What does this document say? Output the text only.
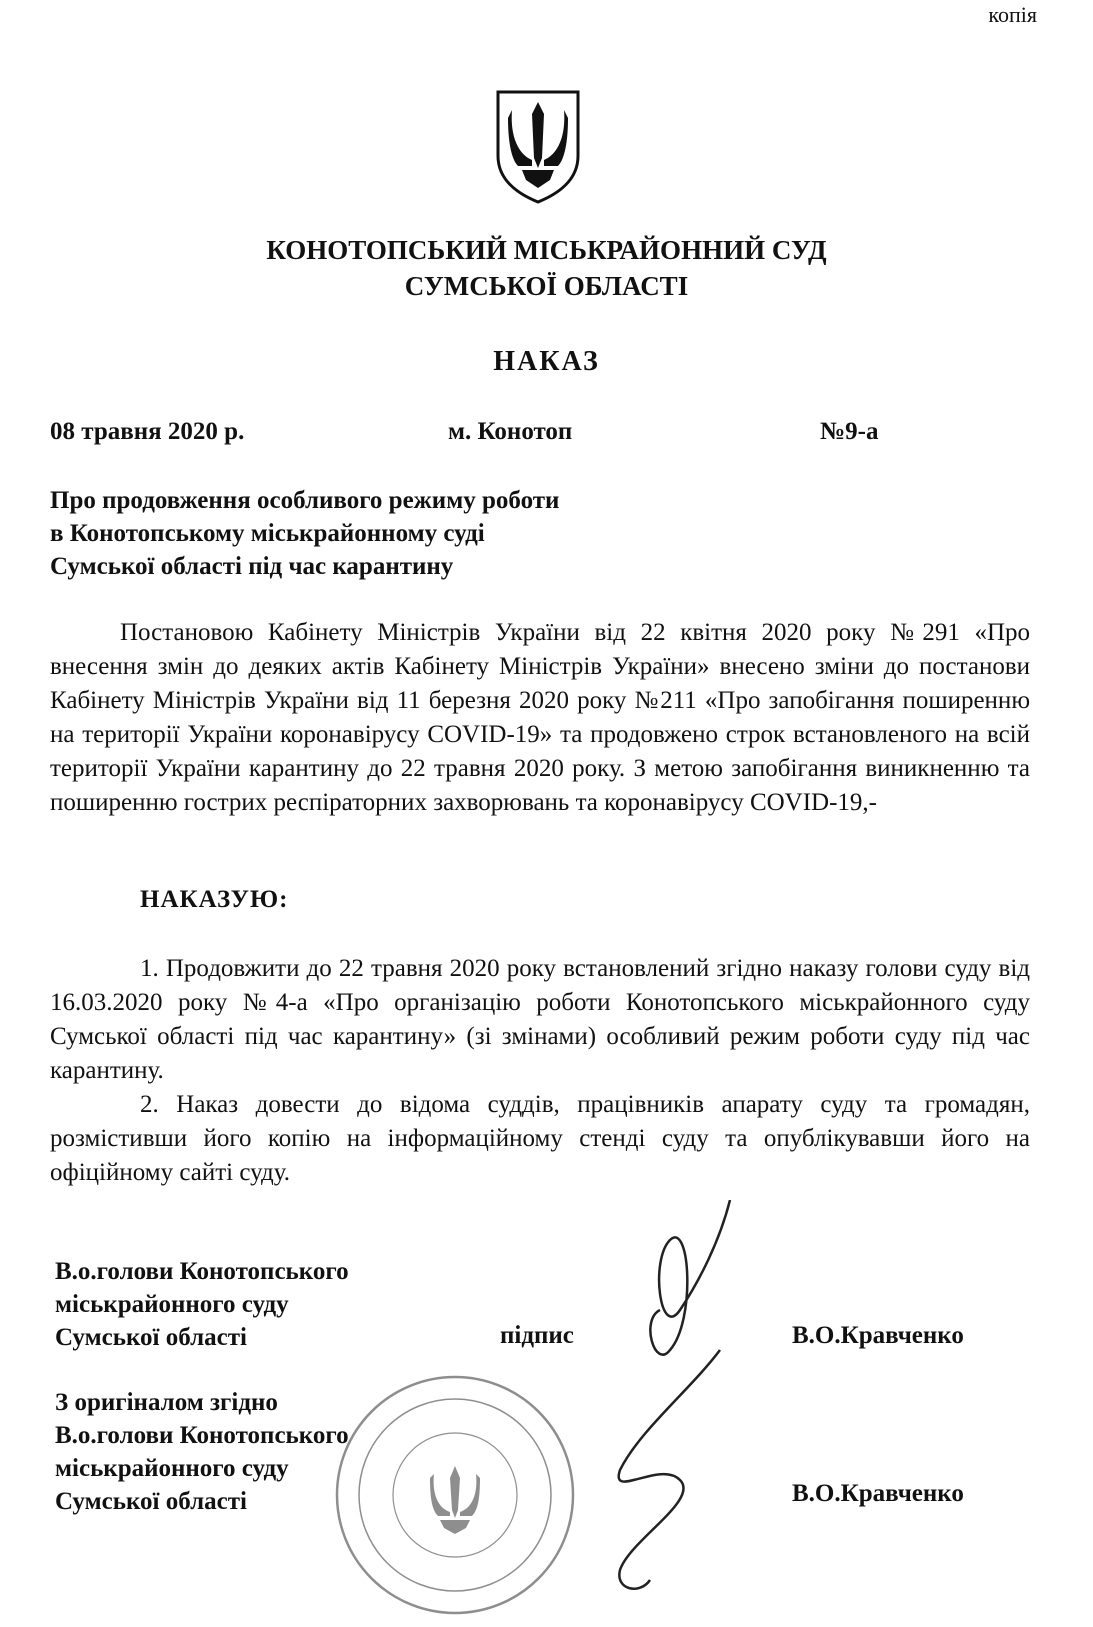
копія
КОНОТОПСЬКИЙ МІСЬКРАЙОННИЙ СУД
СУМСЬКОЇ ОБЛАСТІ
НАКАЗ
08 травня 2020 р.	м. Конотоп	№9-а
Про продовження особливого режиму роботи
в Конотопському міськрайонному суді
Сумської області під час карантину
Постановою Кабінету Міністрів України від 22 квітня 2020 року №291 «Про внесення змін до деяких актів Кабінету Міністрів України» внесено зміни до постанови Кабінету Міністрів України від 11 березня 2020 року №211 «Про запобігання поширенню на території України коронавірусу COVID-19» та продовжено строк встановленого на всій території України карантину до 22 травня 2020 року. З метою запобігання виникненню та поширенню гострих респіраторних захворювань та коронавірусу COVID-19,-
НАКАЗУЮ:

1. Продовжити до 22 травня 2020 року встановлений згідно наказу голови суду від 16.03.2020 року №4-а «Про організацію роботи Конотопського міськрайонного суду Сумської області під час карантину» (зі змінами) особливий режим роботи суду під час карантину.

2. Наказ довести до відома суддів, працівників апарату суду та громадян, розмістивши його копію на інформаційному стенді суду та опублікувавши його на офіційному сайті суду.

В.о.голови Конотопського
міськрайонного суду
Сумської області	підпис	В.О.Кравченко
З оригіналом згідно
В.о.голови Конотопського
міськрайонного суду
Сумської області	В.О.Кравченко
